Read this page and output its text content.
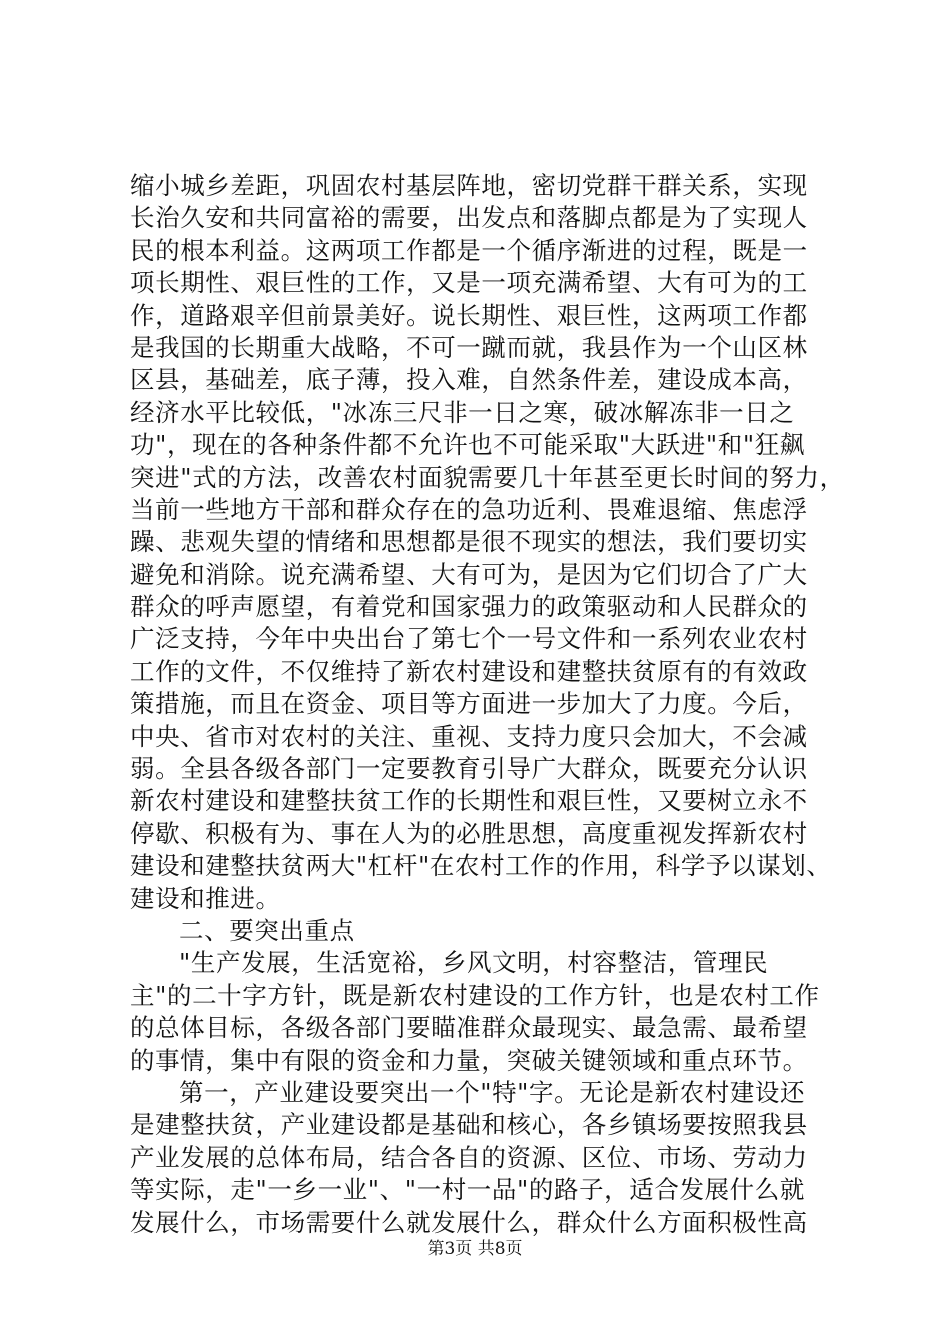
缩小城乡差距，巩固农村基层阵地，密切党群干群关系，实现
长治久安和共同富裕的需要，出发点和落脚点都是为了实现人
民的根本利益。这两项工作都是一个循序渐进的过程，既是一
项长期性、艰巨性的工作，又是一项充满希望、大有可为的工
作，道路艰辛但前景美好。说长期性、艰巨性，这两项工作都
是我国的长期重大战略，不可一蹴而就，我县作为一个山区林
区县，基础差，底子薄，投入难，自然条件差，建设成本高，
经济水平比较低，"冰冻三尺非一日之寒，破冰解冻非一日之
功"，现在的各种条件都不允许也不可能采取"大跃进"和"狂飙
突进"式的方法，改善农村面貌需要几十年甚至更长时间的努力，
当前一些地方干部和群众存在的急功近利、畏难退缩、焦虑浮
躁、悲观失望的情绪和思想都是很不现实的想法，我们要切实
避免和消除。说充满希望、大有可为，是因为它们切合了广大
群众的呼声愿望，有着党和国家强力的政策驱动和人民群众的
广泛支持，今年中央出台了第七个一号文件和一系列农业农村
工作的文件，不仅维持了新农村建设和建整扶贫原有的有效政
策措施，而且在资金、项目等方面进一步加大了力度。今后，
中央、省市对农村的关注、重视、支持力度只会加大，不会减
弱。全县各级各部门一定要教育引导广大群众，既要充分认识
新农村建设和建整扶贫工作的长期性和艰巨性，又要树立永不
停歇、积极有为、事在人为的必胜思想，高度重视发挥新农村
建设和建整扶贫两大"杠杆"在农村工作的作用，科学予以谋划、
建设和推进。
二、要突出重点
"生产发展，生活宽裕，乡风文明，村容整洁，管理民
主"的二十字方针，既是新农村建设的工作方针，也是农村工作
的总体目标，各级各部门要瞄准群众最现实、最急需、最希望
的事情，集中有限的资金和力量，突破关键领域和重点环节。
第一，产业建设要突出一个"特"字。无论是新农村建设还
是建整扶贫，产业建设都是基础和核心，各乡镇场要按照我县
产业发展的总体布局，结合各自的资源、区位、市场、劳动力
等实际，走"一乡一业"、"一村一品"的路子，适合发展什么就
发展什么，市场需要什么就发展什么，群众什么方面积极性高
第3页 共8页
